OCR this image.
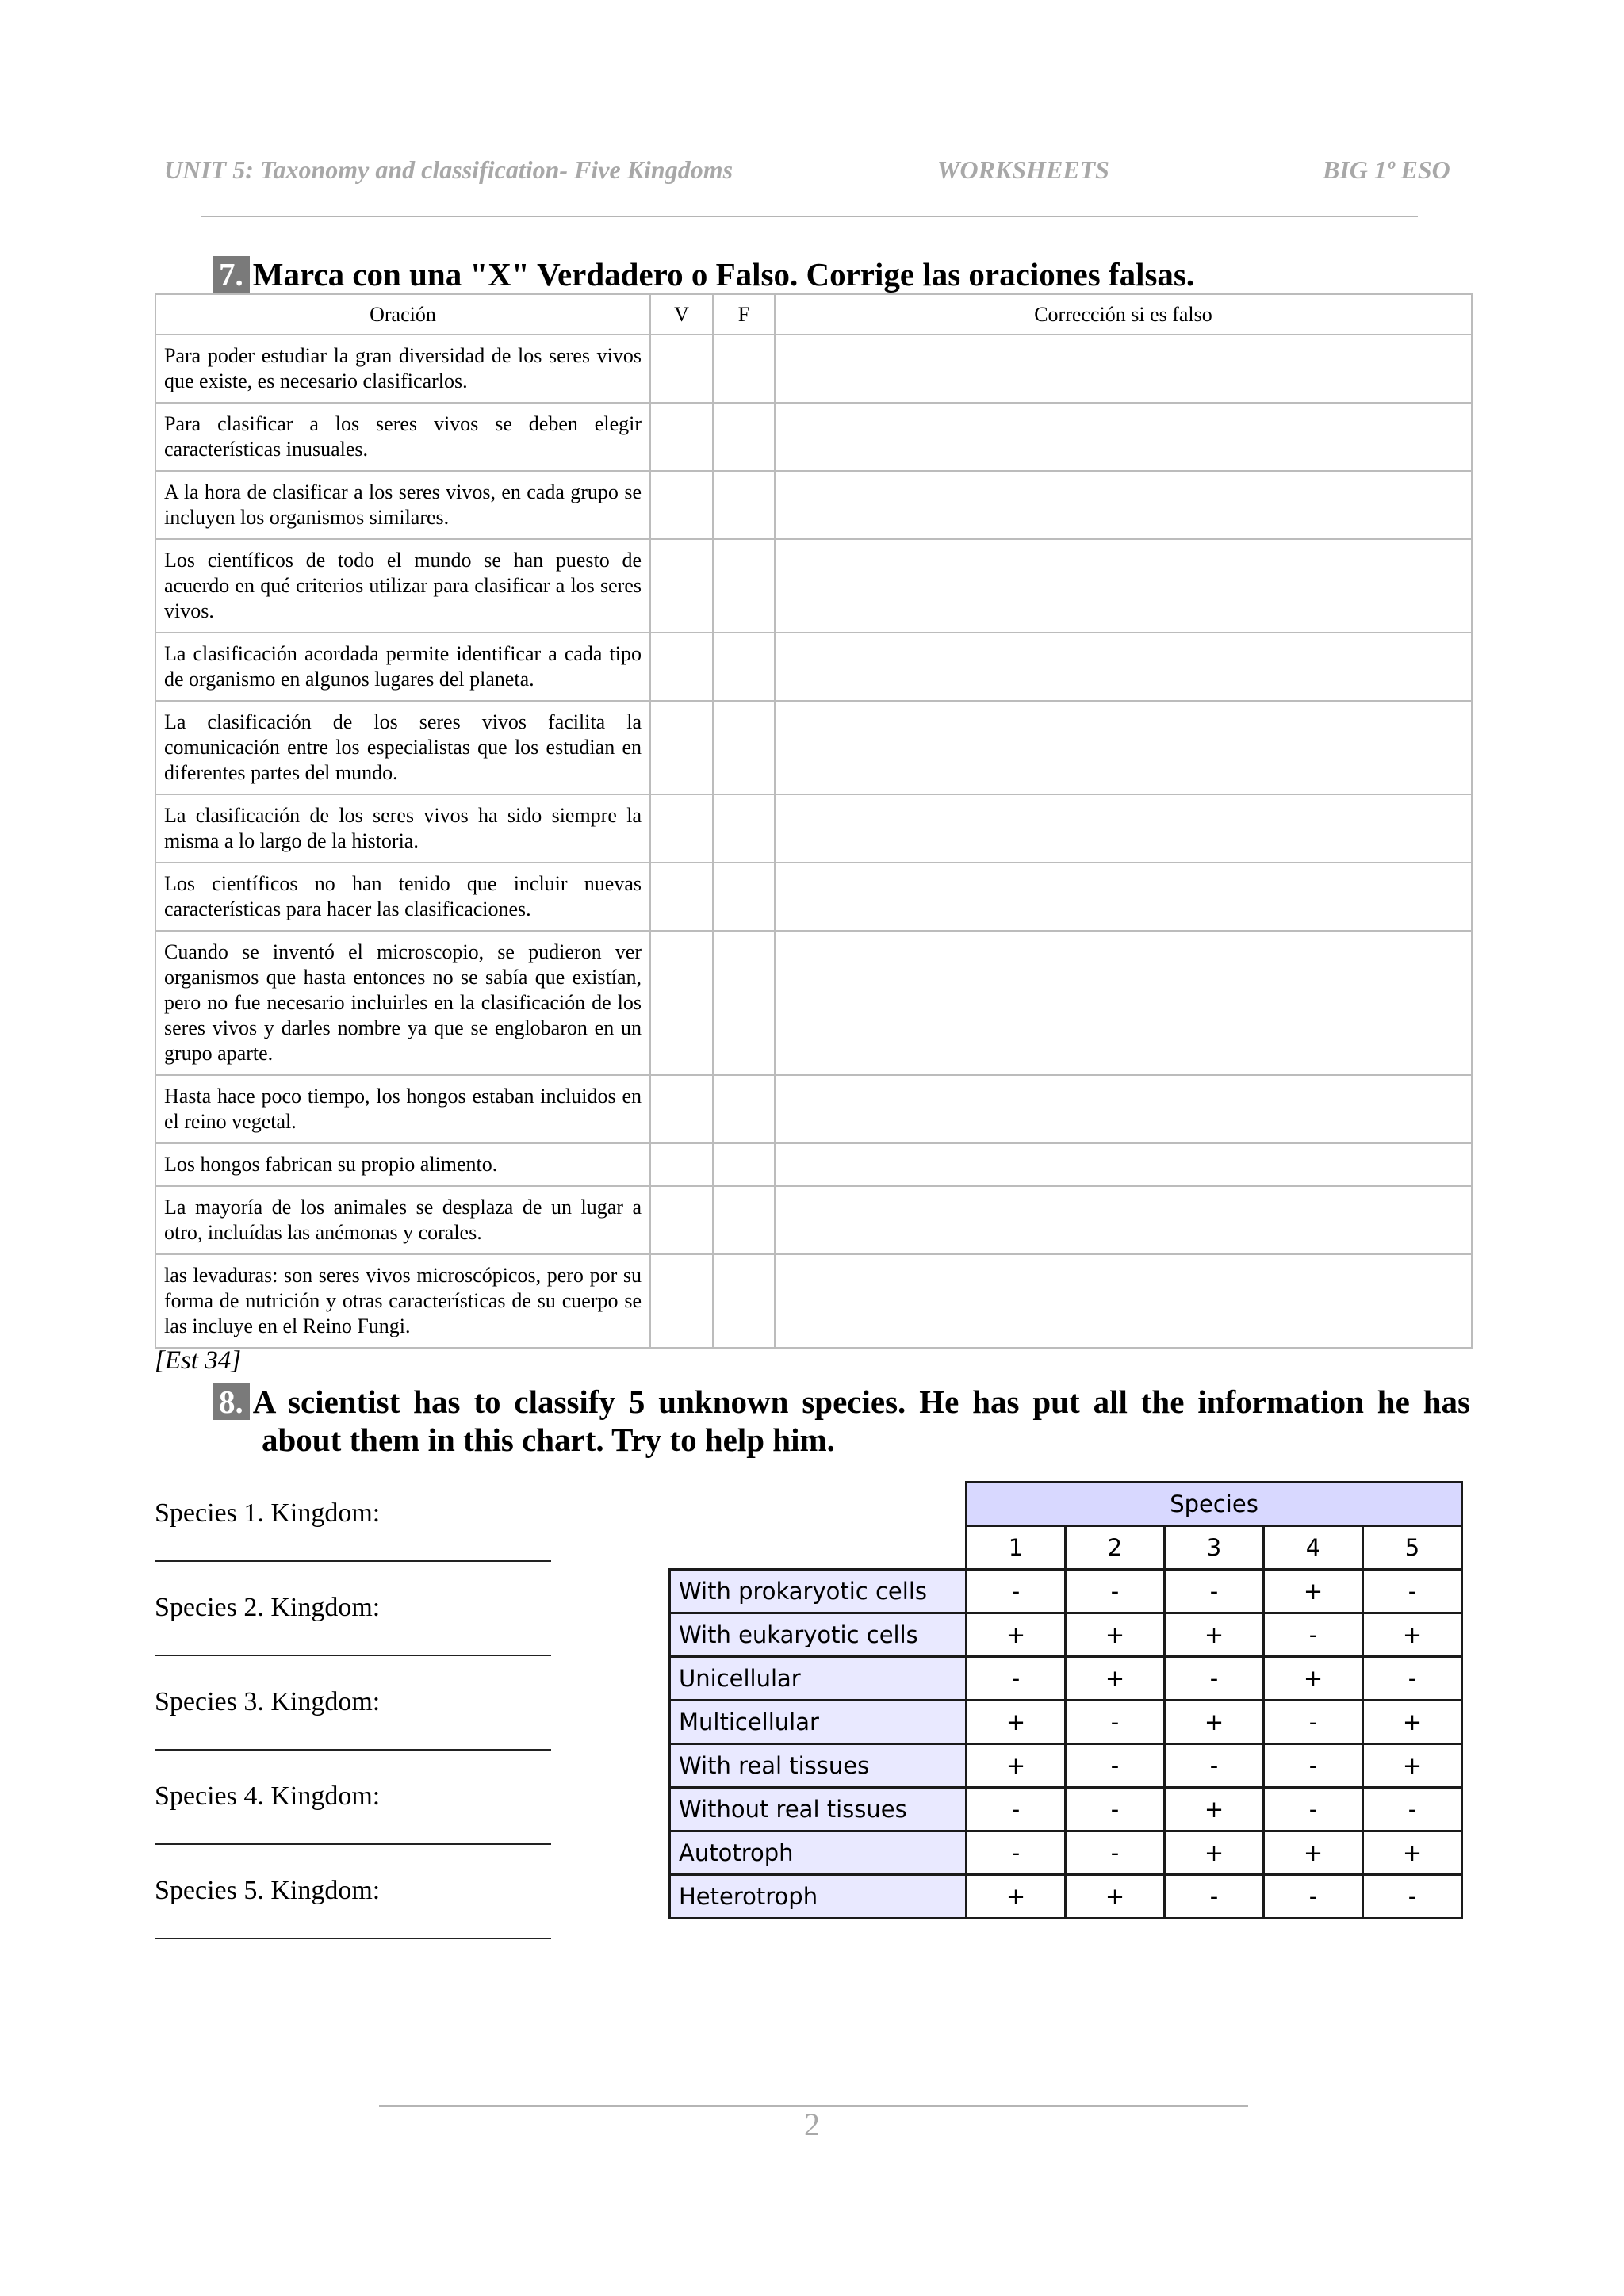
UNIT 5: Taxonomy and classification- Five Kingdoms	WORKSHEETS	BIG 1º ESO
7. Marca con una "X" Verdadero o Falso. Corrige las oraciones falsas.
Oración	V	F	Corrección si es falso
Para poder estudiar la gran diversidad de los seres vivos que existe, es necesario clasificarlos.			
Para clasificar a los seres vivos se deben elegir características inusuales.			
A la hora de clasificar a los seres vivos, en cada grupo se incluyen los organismos similares.			
Los científicos de todo el mundo se han puesto de acuerdo en qué criterios utilizar para clasificar a los seres vivos.			
La clasificación acordada permite identificar a cada tipo de organismo en algunos lugares del planeta.			
La clasificación de los seres vivos facilita la comunicación entre los especialistas que los estudian en diferentes partes del mundo.			
La clasificación de los seres vivos ha sido siempre la misma a lo largo de la historia.			
Los científicos no han tenido que incluir nuevas características para hacer las clasificaciones.			
Cuando se inventó el microscopio, se pudieron ver organismos que hasta entonces no se sabía que existían, pero no fue necesario incluirles en la clasificación de los seres vivos y darles nombre ya que se englobaron en un grupo aparte.			
Hasta hace poco tiempo, los hongos estaban incluidos en el reino vegetal.			
Los hongos fabrican su propio alimento.			
La mayoría de los animales se desplaza de un lugar a otro, incluídas las anémonas y corales.			
las levaduras: son seres vivos microscópicos, pero por su forma de nutrición y otras características de su cuerpo se las incluye en el Reino Fungi.			
[Est 34]
8. A scientist has to classify 5 unknown species. He has put all the information he has
about them in this chart. Try to help him.
Species 1. Kingdom:
Species 2. Kingdom:
Species 3. Kingdom:
Species 4. Kingdom:
Species 5. Kingdom:
	Species				
	1	2	3	4	5
With prokaryotic cells	-	-	-	+	-
With eukaryotic cells	+	+	+	-	+
Unicellular	-	+	-	+	-
Multicellular	+	-	+	-	+
With real tissues	+	-	-	-	+
Without real tissues	-	-	+	-	-
Autotroph	-	-	+	+	+
Heterotroph	+	+	-	-	-
2
